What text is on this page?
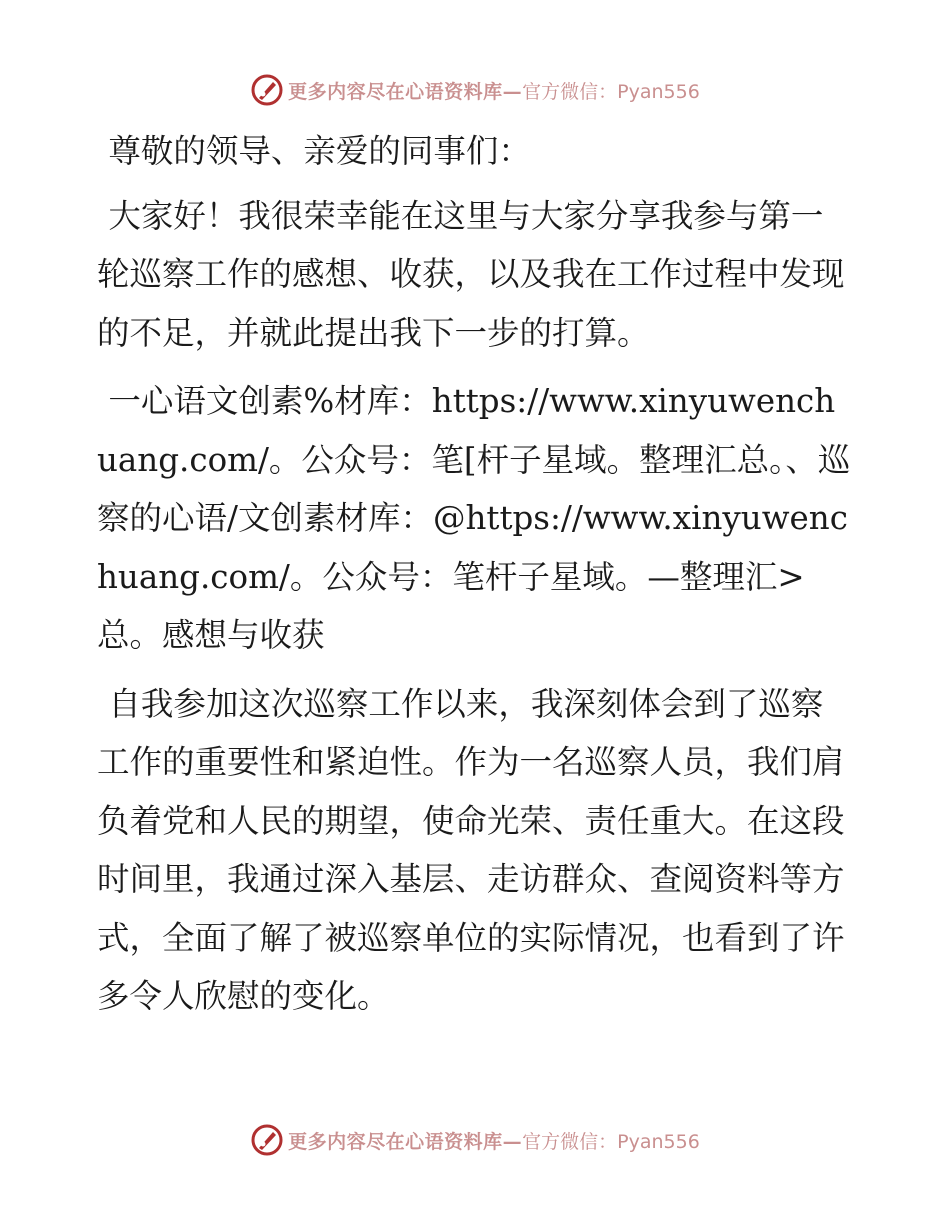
更多内容尽在心语资料库— 官方微信：Pyan556

尊敬的领导、亲爱的同事们：

大家好！我很荣幸能在这里与大家分享我参与第一轮巡察工作的感想、收获，以及我在工作过程中发现的不足，并就此提出我下一步的打算。

一心语文创素%材库：https://www.xinyuwenchuang.com/。公众号：笔[杆子星域。整理汇总。、巡察的心语/文创素材库：@https://www.xinyuwenchuang.com/。公众号：笔杆子星域。—整理汇>总。感想与收获

自我参加这次巡察工作以来，我深刻体会到了巡察工作的重要性和紧迫性。作为一名巡察人员，我们肩负着党和人民的期望，使命光荣、责任重大。在这段时间里，我通过深入基层、走访群众、查阅资料等方式，全面了解了被巡察单位的实际情况，也看到了许多令人欣慰的变化。

更多内容尽在心语资料库— 官方微信：Pyan556
